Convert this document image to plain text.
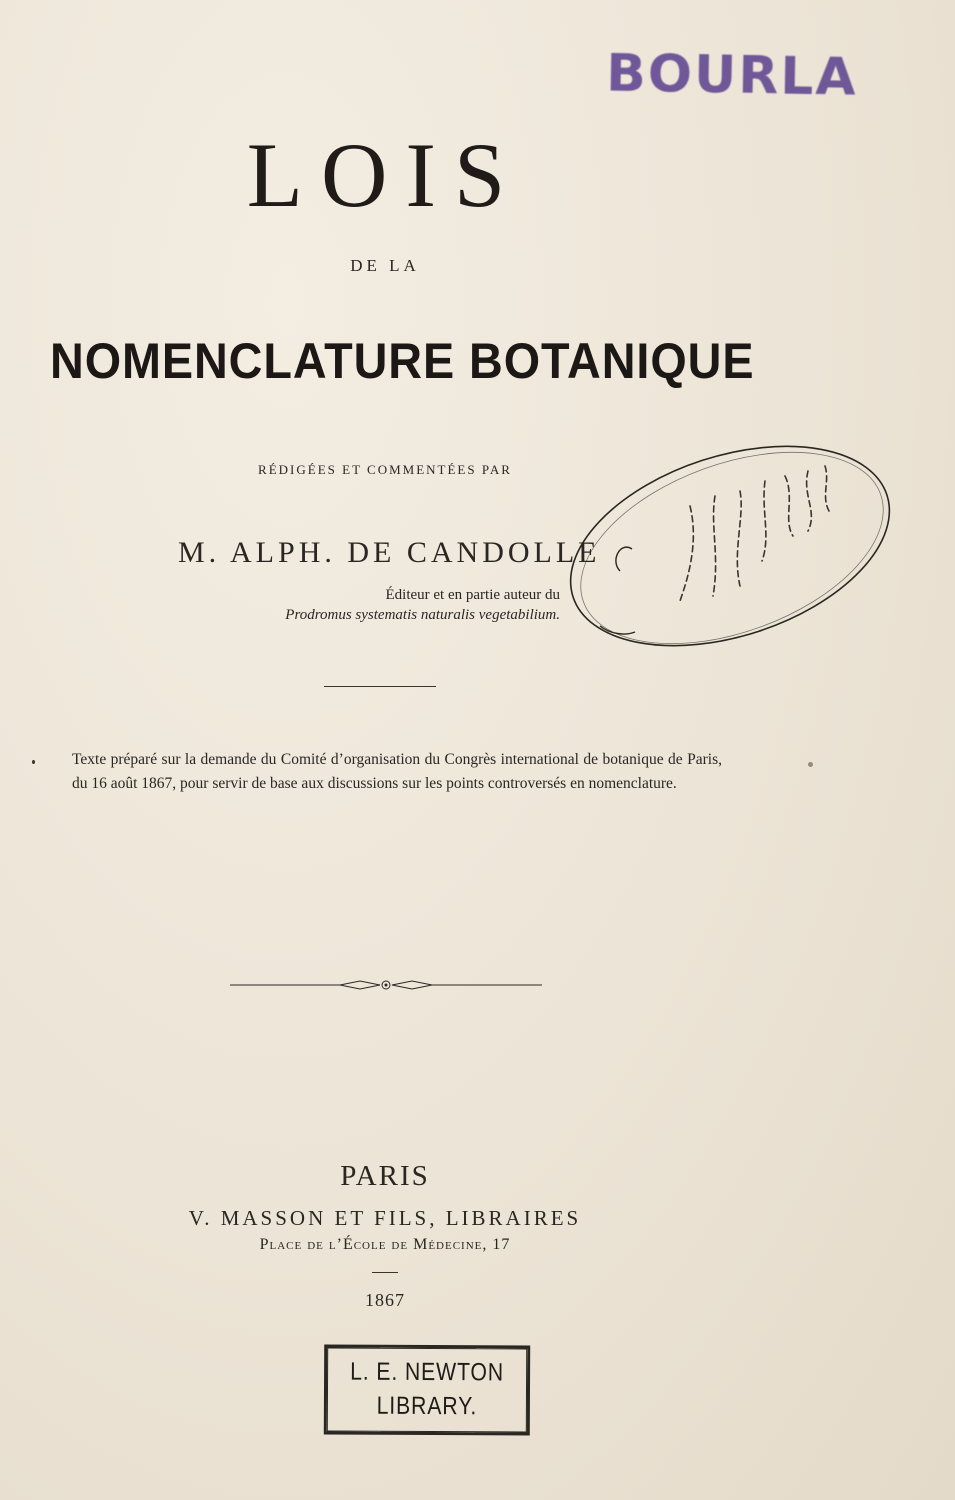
BOURLA
LOIS
DE LA
NOMENCLATURE BOTANIQUE
RÉDIGÉES ET COMMENTÉES PAR
M. ALPH. DE CANDOLLE
Éditeur et en partie auteur du
Prodromus systematis naturalis vegetabilium.
Texte préparé sur la demande du Comité d’organisation du Congrès international de botanique de Paris, du 16 août 1867, pour servir de base aux discussions sur les points controversés en nomenclature.
PARIS
V. MASSON ET FILS, LIBRAIRES
Place de l’École de Médecine, 17
1867
L. E. NEWTON
LIBRARY.
